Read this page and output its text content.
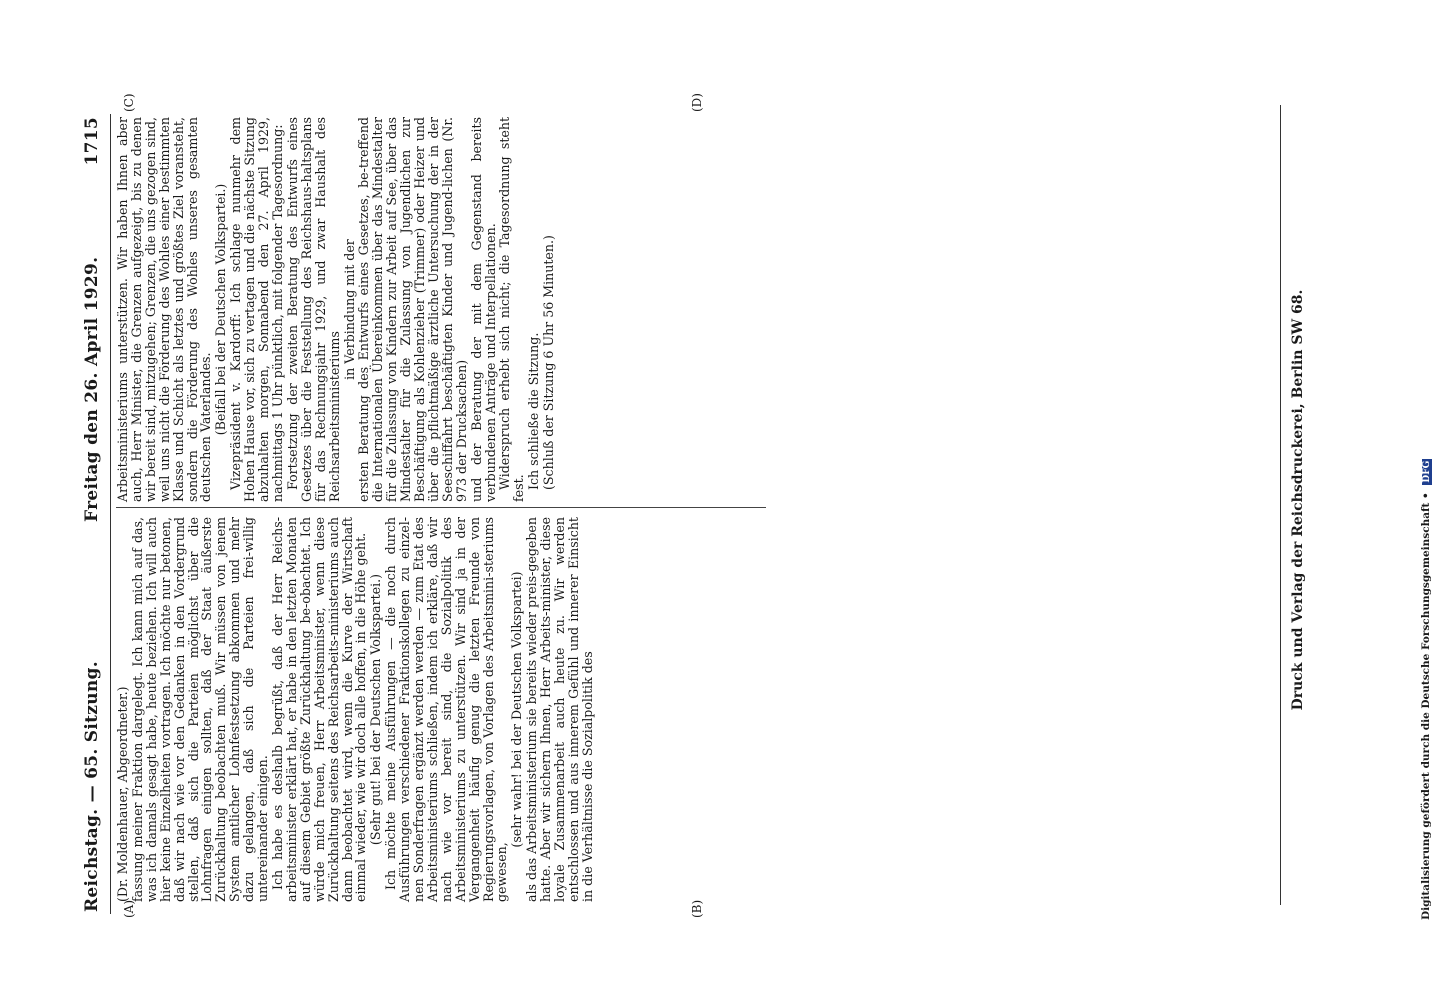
Reichstag. — 65. Sitzung.
Freitag den 26. April 1929.
1715
(A)	(B)
(C)	(D)

(Dr. Moldenhauer, Abgeordneter.) fassung meiner Fraktion dargelegt. Ich kann mich auf das, was ich damals gesagt habe, heute beziehen. Ich will auch hier keine Einzelheiten vortragen. Ich möchte nur betonen, daß wir nach wie vor den Gedanken in den Vordergrund stellen, daß sich die Parteien möglichst über die Lohnfragen einigen sollten, daß der Staat äußerste Zurückhaltung beobachten muß. Wir müssen von jenem System amtlicher Lohnfestsetzung abkommen und mehr dazu gelangen, daß sich die Parteien frei-willig untereinander einigen. Ich habe es deshalb begrüßt, daß der Herr Reichs-arbeitsminister erklärt hat, er habe in den letzten Monaten auf diesem Gebiet größte Zurückhaltung be-obachtet. Ich würde mich freuen, Herr Arbeitsminister, wenn diese Zurückhaltung seitens des Reichsarbeits-ministeriums auch dann beobachtet wird, wenn die Kurve der Wirtschaft einmal wieder, wie wir doch alle hoffen, in die Höhe geht. (Sehr gut! bei der Deutschen Volkspartei.) Ich möchte meine Ausführungen — die noch durch Ausführungen verschiedener Fraktionskollegen zu einzel-nen Sonderfragen ergänzt werden werden — zum Etat des Arbeitsministeriums schließen, indem ich erkläre, daß wir nach wie vor bereit sind, die Sozialpolitik des Arbeitsministeriums zu unterstützen. Wir sind ja in der Vergangenheit häufig genug die letzten Freunde von Regierungsvorlagen, von Vorlagen des Arbeitsmini-steriums gewesen,

(sehr wahr! bei der Deutschen Volkspartei) als das Arbeitsministerium sie bereits wieder preis-gegeben hatte. Aber wir sichern Ihnen, Herr Arbeits-minister, diese loyale Zusammenarbeit auch heute zu. Wir werden entschlossen und aus innerem Gefühl und innerer Einsicht in die Verhältnisse die Sozialpolitik des

Arbeitsministeriums unterstützen. Wir haben Ihnen aber auch, Herr Minister, die Grenzen aufgezeigt, bis zu denen wir bereit sind, mitzugehen; Grenzen, die uns gezogen sind, weil uns nicht die Förderung des Wohles einer bestimmten Klasse und Schicht als letztes und größtes Ziel voransteht, sondern die Förderung des Wohles unseres gesamten deutschen Vaterlandes. (Beifall bei der Deutschen Volkspartei.) Vizepräsident v. Kardorff: Ich schlage nunmehr dem Hohen Hause vor, sich zu vertagen und die nächste Sitzung abzuhalten morgen, Sonnabend den 27. April 1929, nachmittags 1 Uhr pünktlich, mit folgender Tagesordnung: Fortsetzung der zweiten Beratung des Entwurfs eines Gesetzes über die Feststellung des Reichshaus-haltsplans für das Rechnungsjahr 1929, und zwar Haushalt des Reichsarbeitsministeriums

in Verbindung mit der ersten Beratung des Entwurfs eines Gesetzes, be-treffend die Internationalen Übereinkommen über das Mindestalter für die Zulassung von Kindern zur Arbeit auf See, über das Mindestalter für die Zulassung von Jugendlichen zur Beschäftigung als Kohlenzieher (Trimmer) oder Heizer und über die pflichtmäßige ärztliche Untersuchung der in der Seeschiffahrt beschäftigten Kinder und Jugend-lichen (Nr. 973 der Drucksachen) und der Beratung der mit dem Gegenstand bereits verbundenen Anträge und Interpellationen. Widerspruch erhebt sich nicht; die Tagesordnung steht fest. Ich schließe die Sitzung. (Schluß der Sitzung 6 Uhr 56 Minuten.)	Druck und Verlag der Reichsdruckerei, Berlin SW 68.	Digitalisierung gefördert durch die Deutsche Forschungsgemeinschaft • DFG
